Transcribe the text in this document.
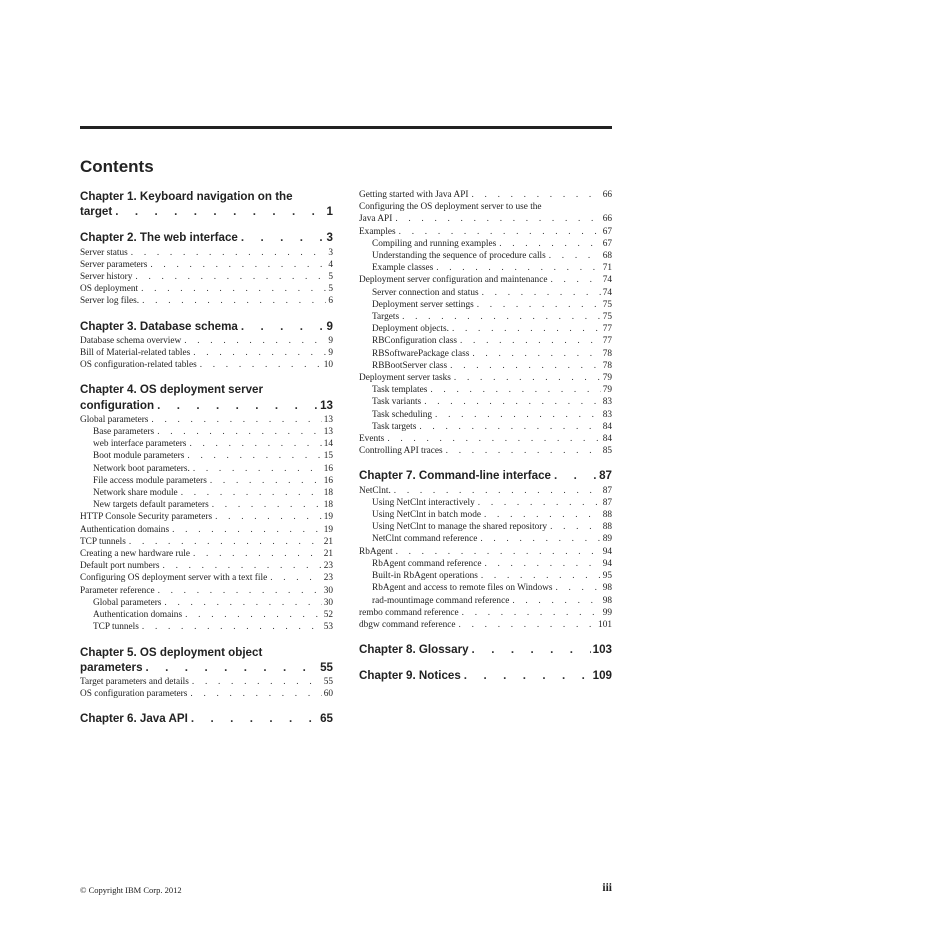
Contents
Chapter 1. Keyboard navigation on the
target . . .	1
Chapter 2. The web interface . . .	3
Server status . . .	3
Server parameters . . .	4
Server history . . .	5
OS deployment . . .	5
Server log files. . . .	6
Chapter 3. Database schema . . .	9
Database schema overview . . .	9
Bill of Material-related tables . . .	9
OS configuration-related tables . . .	10
Chapter 4. OS deployment server
configuration . . .	13
Global parameters . . .	13
Base parameters . . .	13
web interface parameters . . .	14
Boot module parameters . . .	15
Network boot parameters. . . .	16
File access module parameters . . .	16
Network share module . . .	18
New targets default parameters . . .	18
HTTP Console Security parameters . . .	19
Authentication domains . . .	19
TCP tunnels . . .	21
Creating a new hardware rule . . .	21
Default port numbers . . .	23
Configuring OS deployment server with a text file . . .	23
Parameter reference . . .	30
Global parameters . . .	30
Authentication domains . . .	52
TCP tunnels . . .	53
Chapter 5. OS deployment object
parameters . . .	55
Target parameters and details . . .	55
OS configuration parameters . . .	60
Chapter 6. Java API . . .	65
Getting started with Java API . . .	66
Configuring the OS deployment server to use the
Java API . . .	66
Examples . . .	67
Compiling and running examples . . .	67
Understanding the sequence of procedure calls . . .	68
Example classes . . .	71
Deployment server configuration and maintenance . . .	74
Server connection and status . . .	74
Deployment server settings . . .	75
Targets . . .	75
Deployment objects. . . .	77
RBConfiguration class . . .	77
RBSoftwarePackage class . . .	78
RBBootServer class . . .	78
Deployment server tasks . . .	79
Task templates . . .	79
Task variants . . .	83
Task scheduling . . .	83
Task targets . . .	84
Events . . .	84
Controlling API traces . . .	85
Chapter 7. Command-line interface . . .	87
NetClnt. . . .	87
Using NetClnt interactively . . .	87
Using NetClnt in batch mode . . .	88
Using NetClnt to manage the shared repository . . .	88
NetClnt command reference . . .	89
RbAgent . . .	94
RbAgent command reference . . .	94
Built-in RbAgent operations . . .	95
RbAgent and access to remote files on Windows . . .	98
rad-mountimage command reference . . .	98
rembo command reference . . .	99
dbgw command reference . . .	101
Chapter 8. Glossary . . .	103
Chapter 9. Notices . . .	109
© Copyright IBM Corp. 2012	iii
